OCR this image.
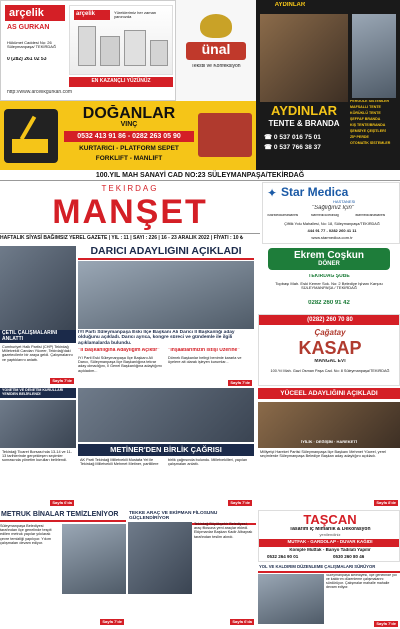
arçelik
AS GÜRKAN
Hükümet Caddesi No: 26 Süleymanpaşa/ TEKİRDAĞ
0 (282) 261 02 53
arçelik	Yüreklerimiz her zaman yanınızda
EN KAZANÇLI YÜZÜNÜZ
http://www.arcelikgurkan.com
ünal
Tekstil ve Konfeksiyon
AYDINLAR
AYDINLAR
TENTE & BRANDA
☎ 0 537 016 75 01
☎ 0 537 766 38 37
PERGOLE SİSTEMLER
MAFSALLI TENTE
KÖRÜKLÜ TENTE
ŞEFFAF BRANDA
KIŞ TENTE/BRANDA
ŞEMSİYE ÇEŞİTLERİ
ZİP PERDE
OTOMATİK SİSTEMLER
DOĞANLAR
VİNÇ
0532 413 91 86 - 0282 263 05 90
KURTARICI - PLATFORM SEPET
FORKLİFT - MANLİFT
100.YIL MAH SANAYİ CAD NO:23 SÜLEYMANPAŞA/TEKİRDAĞ
TEKİRDAĞ
MANŞET
HAFTALIK SİYASİ BAĞIMSIZ YEREL GAZETE | YIL : 11 | SAYI : 226 | 16 - 23 ARALIK 2022 | FİYATI : 10 ₺
✦ Star Medica
HASTANESİ
"Sağlığınız İçin"
/StarMedicaHastanesi	starmedica.tekirdag	/starmedicahastanesi
Çiftlik Yolu Mahallesi, No: 18, Süleymanpaşa/TEKİRDAĞ
444 91 77 - 0282 260 41 11
www.starmedica.com.tr
DARICI ADAYLIĞINI AÇIKLADI
ÇETİL ÇALIŞMALARINI ANLATTI
Cumhuriyet Halk Partisi (CHP) Tekirdağ Milletvekili Candan Yüceer, Tekirdağ'daki gazetecilerle bir araya geldi. Çalışmalarını ve yaptıklarını anlattı.
Sayfa 7'de
İYİ Parti Süleymanpaşa Eski İlçe Başkanı Ali Darıcı İl Başkanlığı aday olduğunu açıkladı. Darıcı ayrıca, kongre süreci ve gündemle ile ilgili açıklamalarda bulundu.
"İl Başkanlığına Adaylığım Açıktır"	"İnşaatlarımızın İstişi Üzerine"
İYİ Parti Eski Süleymanpaşa İlçe Başkanı Ali Darıcı, Süleymanpaşa İlçe Başkanlığına tekrar aday olmadığını, İl Genel Başkanlığına adaylığımı açıkladım...
Dörnek Başkanlar belirgi benimle kararla ve üyelere ait olarak işleyen kurumlar...
Sayfa 7'de
Ekrem Coşkun
DÖNER
TEKİRDAĞ ŞUBE
Topbaşı Mah. Eski Kemer Sok. No: 2 Belediye İşhanı Karşısı SÜLEYMANPAŞA / TEKİRDAĞ
0282 260 91 42
(0282) 260 70 80
Çağatay
KASAP
MANGAL EVİ
100.Yıl Mah. Gazi Osman Paşa Cad. No: 8 Süleymanpaşa/TEKİRDAĞ
YÖNETİM VE DENETİM KURULLARI YENİDEN BELİRLENDİ
Tekirdağ Ticaret Borsası'nda 13-14 ve 11-13 tarihlerinde gerçekleşen seçimler sonrasında yönetim kurulları belirlendi.
Sayfa 6'da
METİNER'DEN BİRLİK ÇAĞRISI
AK Parti Tekirdağ Milletvekili Mustafa Yel ile Tekirdağ Milletvekili Mehmet Metiner, partililere birlik çağrısında bulundu. Milletvekilleri, yapılan çalışmaları anlattı.
Sayfa 7'de
YÜCEEL ADAYLIĞINI AÇIKLADI
İYİLİK · DEĞİŞİM · HAREKETİ
Milliyetçi Hareket Partisi Süleymanpaşa İlçe Başkanı Mehmet Yüceel, yerel seçimlerde Süleymanpaşa Belediye Başkan aday adaylığını açıkladı.
Sayfa 8'de
TAŞCAN
Tasarım İç Mimarlık & Dekorasyon
yenilendiniz
MUTFAK - GARDOLAP - DUVAR KAĞIDI
Komple Mutfak - Banyo Tadilatı Yapılır
0532 264 90 01	0530 260 80 46
METRUK BİNALAR TEMİZLENİYOR
Süleymanpaşa Belediyesi tarafından ilçe genelinde tespit edilen metruk yapılar yıkılarak çevre temizliği yapılıyor. Yıkım çalışmaları devam ediyor.
Sayfa 7'de
TEKKE ARAÇ VE EKİPMAN FİLOSUNU GÜÇLENDİRİYOR
Tekirdağ Büyükşehir Belediyesi, araç filosuna yeni araçlar ekledi. Ekipmanlar Başkan Kadir Albayrak tarafından teslim alındı.
Sayfa 6'da
YOL VE KALDIRIM DÜZENLEME ÇALIŞMALARI SÜRÜYOR
Süleymanpaşa Belediyesi, ilçe genelinde yol ve kaldırım düzenleme çalışmalarını sürdürüyor. Çalışmalar mahalle mahalle devam ediyor.
Sayfa 7'de
